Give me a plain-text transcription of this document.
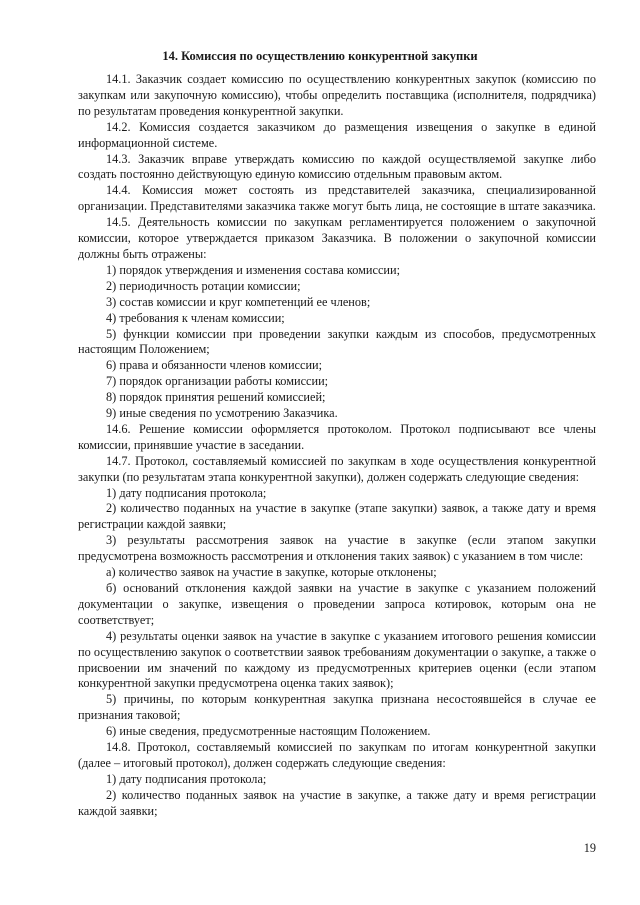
14. Комиссия по осуществлению конкурентной закупки

14.1. Заказчик создает комиссию по осуществлению конкурентных закупок (комиссию по закупкам или закупочную комиссию), чтобы определить поставщика (исполнителя, подрядчика) по результатам проведения конкурентной закупки.

14.2. Комиссия создается заказчиком до размещения извещения о закупке в единой информационной системе.

14.3. Заказчик вправе утверждать комиссию по каждой осуществляемой закупке либо создать постоянно действующую единую комиссию отдельным правовым актом.

14.4. Комиссия может состоять из представителей заказчика, специализированной организации. Представителями заказчика также могут быть лица, не состоящие в штате заказчика.

14.5. Деятельность комиссии по закупкам регламентируется положением о закупочной комиссии, которое утверждается приказом Заказчика. В положении о закупочной комиссии должны быть отражены:

1) порядок утверждения и изменения состава комиссии;

2) периодичность ротации комиссии;

3) состав комиссии и круг компетенций ее членов;

4) требования к членам комиссии;

5) функции комиссии при проведении закупки каждым из способов, предусмотренных настоящим Положением;

6) права и обязанности членов комиссии;

7) порядок организации работы комиссии;

8) порядок принятия решений комиссией;

9) иные сведения по усмотрению Заказчика.

14.6. Решение комиссии оформляется протоколом. Протокол подписывают все члены комиссии, принявшие участие в заседании.

14.7. Протокол, составляемый комиссией по закупкам в ходе осуществления конкурентной закупки (по результатам этапа конкурентной закупки), должен содержать следующие сведения:

1) дату подписания протокола;

2) количество поданных на участие в закупке (этапе закупки) заявок, а также дату и время регистрации каждой заявки;

3) результаты рассмотрения заявок на участие в закупке (если этапом закупки предусмотрена возможность рассмотрения и отклонения таких заявок) с указанием в том числе:

а) количество заявок на участие в закупке, которые отклонены;

б) оснований отклонения каждой заявки на участие в закупке с указанием положений документации о закупке, извещения о проведении запроса котировок, которым она не соответствует;

4) результаты оценки заявок на участие в закупке с указанием итогового решения комиссии по осуществлению закупок о соответствии заявок требованиям документации о закупке, а также о присвоении им значений по каждому из предусмотренных критериев оценки (если этапом конкурентной закупки предусмотрена оценка таких заявок);

5) причины, по которым конкурентная закупка признана несостоявшейся в случае ее признания таковой;

6) иные сведения, предусмотренные настоящим Положением.

14.8. Протокол, составляемый комиссией по закупкам по итогам конкурентной закупки (далее – итоговый протокол), должен содержать следующие сведения:

1) дату подписания протокола;

2) количество поданных заявок на участие в закупке, а также дату и время регистрации каждой заявки;

19
